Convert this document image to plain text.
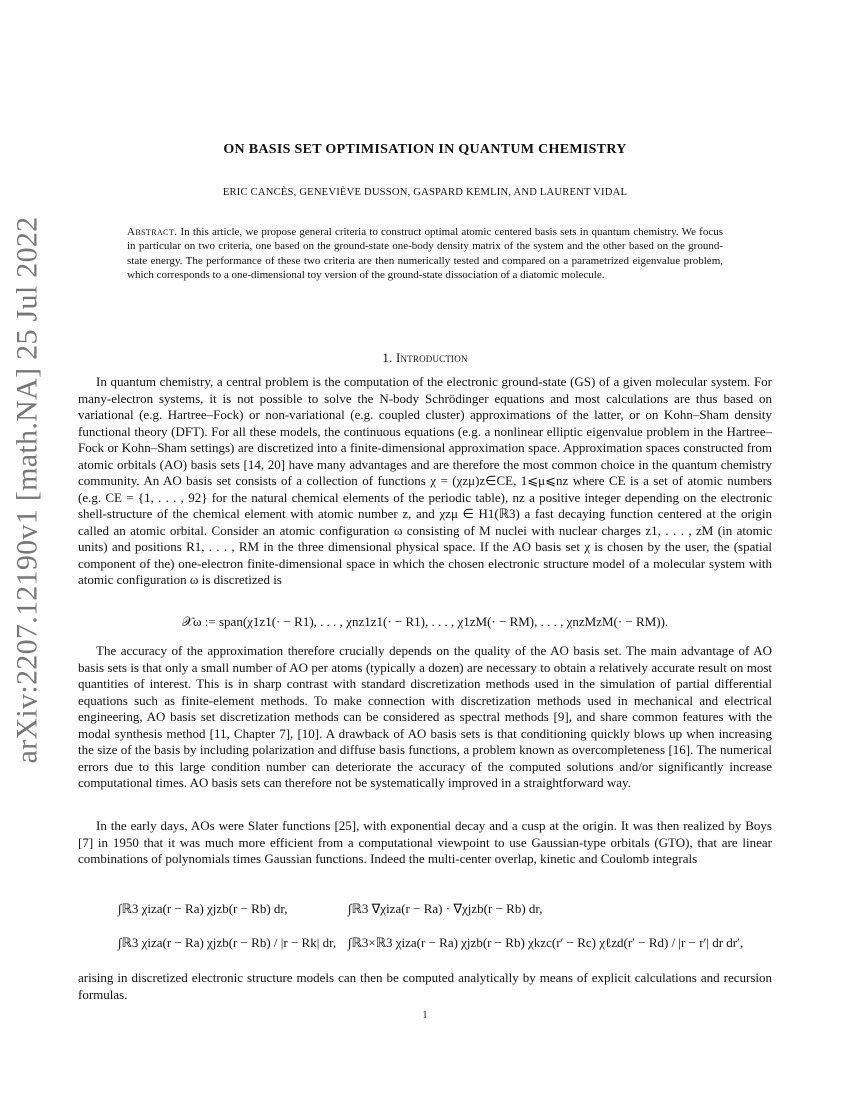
arXiv:2207.12190v1 [math.NA] 25 Jul 2022
ON BASIS SET OPTIMISATION IN QUANTUM CHEMISTRY
ERIC CANCÈS, GENEVIÈVE DUSSON, GASPARD KEMLIN, AND LAURENT VIDAL
Abstract. In this article, we propose general criteria to construct optimal atomic centered basis sets in quantum chemistry. We focus in particular on two criteria, one based on the ground-state one-body density matrix of the system and the other based on the ground-state energy. The performance of these two criteria are then numerically tested and compared on a parametrized eigenvalue problem, which corresponds to a one-dimensional toy version of the ground-state dissociation of a diatomic molecule.
1. Introduction

In quantum chemistry, a central problem is the computation of the electronic ground-state (GS) of a given molecular system. For many-electron systems, it is not possible to solve the N-body Schrödinger equations and most calculations are thus based on variational (e.g. Hartree–Fock) or non-variational (e.g. coupled cluster) approximations of the latter, or on Kohn–Sham density functional theory (DFT). For all these models, the continuous equations (e.g. a nonlinear elliptic eigenvalue problem in the Hartree–Fock or Kohn–Sham settings) are discretized into a finite-dimensional approximation space. Approximation spaces constructed from atomic orbitals (AO) basis sets [14, 20] have many advantages and are therefore the most common choice in the quantum chemistry community. An AO basis set consists of a collection of functions χ = (χzμ)z∈CE, 1⩽μ⩽nz where CE is a set of atomic numbers (e.g. CE = {1, . . . , 92} for the natural chemical elements of the periodic table), nz a positive integer depending on the electronic shell-structure of the chemical element with atomic number z, and χzμ ∈ H1(ℝ3) a fast decaying function centered at the origin called an atomic orbital. Consider an atomic configuration ω consisting of M nuclei with nuclear charges z1, . . . , zM (in atomic units) and positions R1, . . . , RM in the three dimensional physical space. If the AO basis set χ is chosen by the user, the (spatial component of the) one-electron finite-dimensional space in which the chosen electronic structure model of a molecular system with atomic configuration ω is discretized is

𝒳ω := span(χ1z1(· − R1), . . . , χnz1z1(· − R1), . . . , χ1zM(· − RM), . . . , χnzMzM(· − RM)).

The accuracy of the approximation therefore crucially depends on the quality of the AO basis set. The main advantage of AO basis sets is that only a small number of AO per atoms (typically a dozen) are necessary to obtain a relatively accurate result on most quantities of interest. This is in sharp contrast with standard discretization methods used in the simulation of partial differential equations such as finite-element methods. To make connection with discretization methods used in mechanical and electrical engineering, AO basis set discretization methods can be considered as spectral methods [9], and share common features with the modal synthesis method [11, Chapter 7], [10]. A drawback of AO basis sets is that conditioning quickly blows up when increasing the size of the basis by including polarization and diffuse basis functions, a problem known as overcompleteness [16]. The numerical errors due to this large condition number can deteriorate the accuracy of the computed solutions and/or significantly increase computational times. AO basis sets can therefore not be systematically improved in a straightforward way.

In the early days, AOs were Slater functions [25], with exponential decay and a cusp at the origin. It was then realized by Boys [7] in 1950 that it was much more efficient from a computational viewpoint to use Gaussian-type orbitals (GTO), that are linear combinations of polynomials times Gaussian functions. Indeed the multi-center overlap, kinetic and Coulomb integrals

∫ℝ3 χiza(r − Ra) χjzb(r − Rb) dr,	∫ℝ3 ∇χiza(r − Ra) · ∇χjzb(r − Rb) dr,
∫ℝ3 χiza(r − Ra) χjzb(r − Rb) / |r − Rk| dr, ∫ℝ3×ℝ3 χiza(r − Ra) χjzb(r − Rb) χkzc(r′ − Rc) χℓzd(r′ − Rd) / |r − r′| dr dr′,

arising in discretized electronic structure models can then be computed analytically by means of explicit calculations and recursion formulas.

1
